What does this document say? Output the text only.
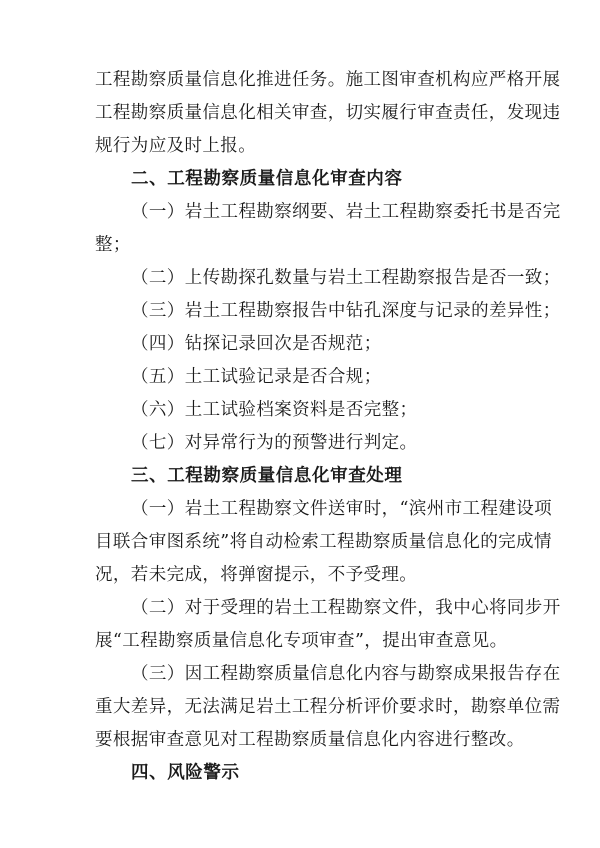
工程勘察质量信息化推进任务。施工图审查机构应严格开展
工程勘察质量信息化相关审查，切实履行审查责任，发现违
规行为应及时上报。
二、工程勘察质量信息化审查内容
（一）岩土工程勘察纲要、岩土工程勘察委托书是否完
整；
（二）上传勘探孔数量与岩土工程勘察报告是否一致；
（三）岩土工程勘察报告中钻孔深度与记录的差异性；
（四）钻探记录回次是否规范；
（五）土工试验记录是否合规；
（六）土工试验档案资料是否完整；
（七）对异常行为的预警进行判定。
三、工程勘察质量信息化审查处理
（一）岩土工程勘察文件送审时，“滨州市工程建设项
目联合审图系统”将自动检索工程勘察质量信息化的完成情
况，若未完成，将弹窗提示，不予受理。
（二）对于受理的岩土工程勘察文件，我中心将同步开
展“工程勘察质量信息化专项审查”，提出审查意见。
（三）因工程勘察质量信息化内容与勘察成果报告存在
重大差异，无法满足岩土工程分析评价要求时，勘察单位需
要根据审查意见对工程勘察质量信息化内容进行整改。
四、风险警示
